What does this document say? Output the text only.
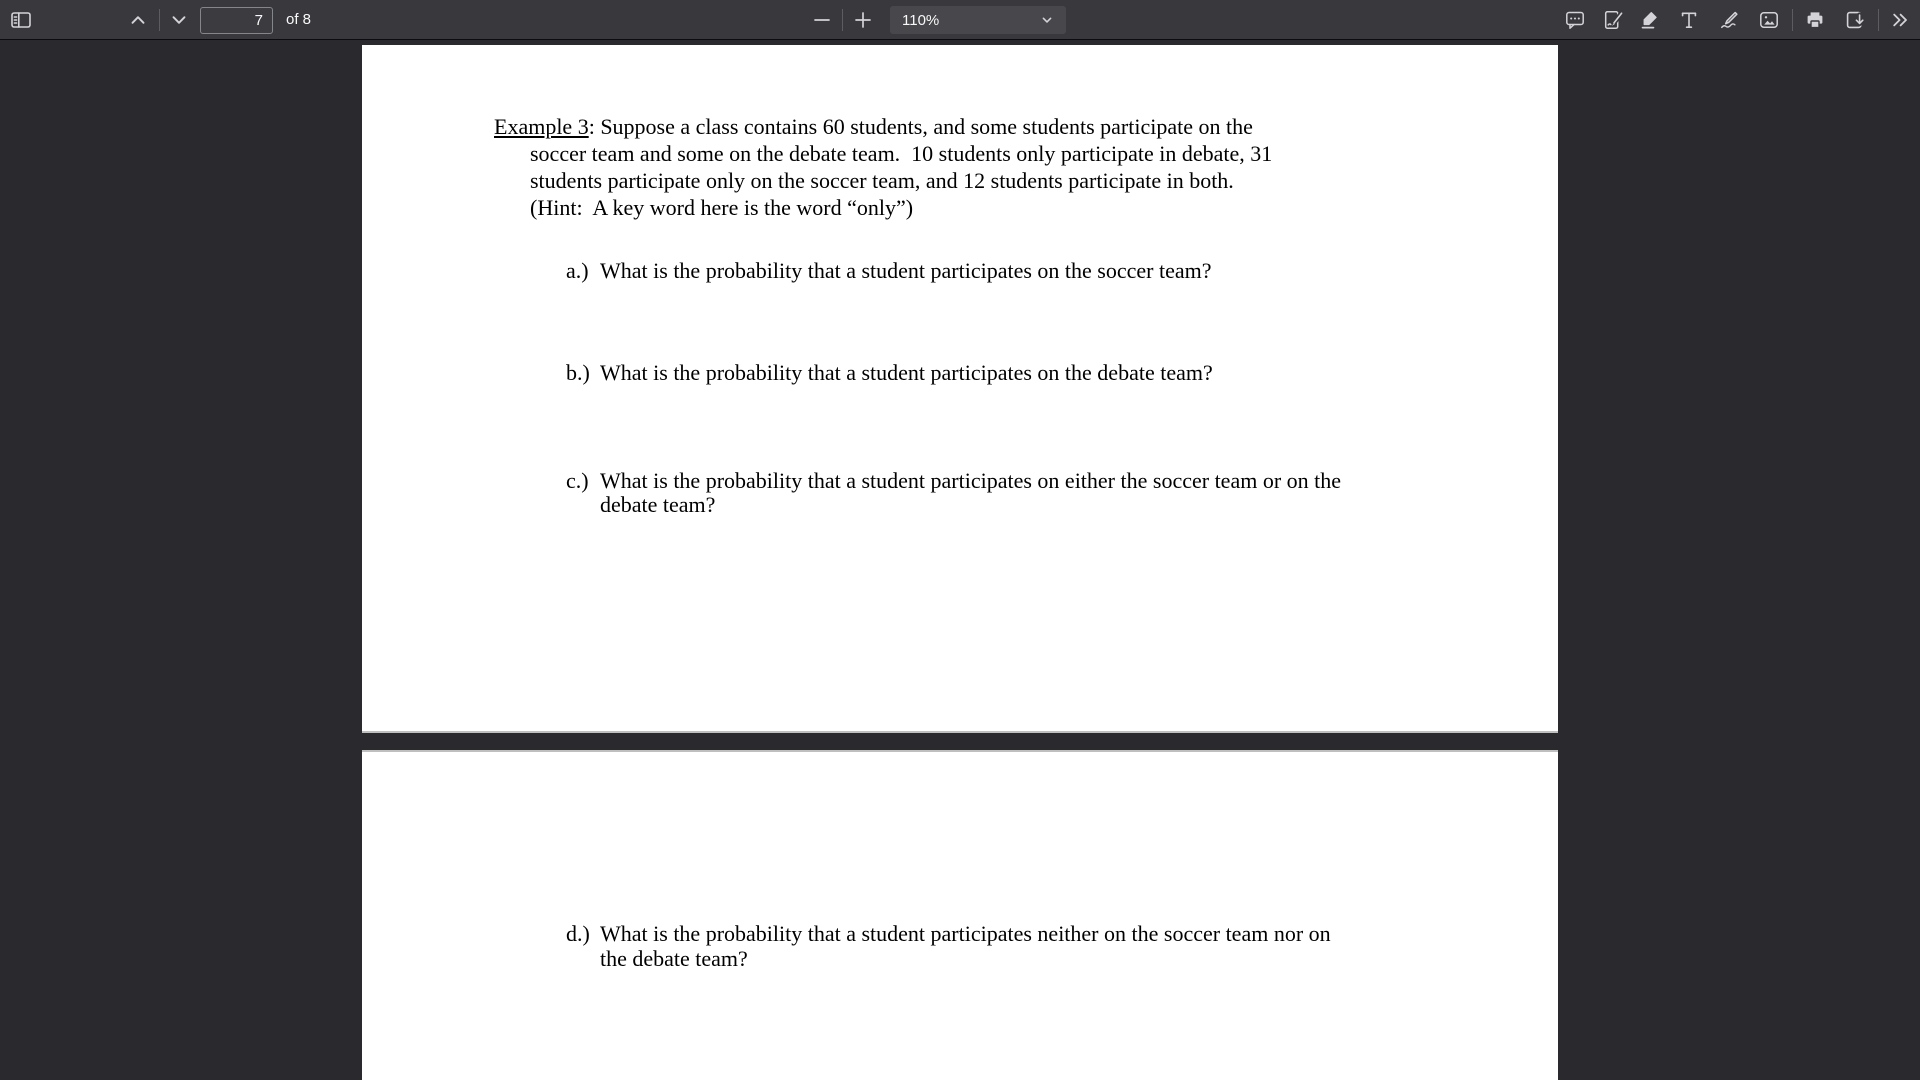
7
of 8	110%
Example 3: Suppose a class contains 60 students, and some students participate on the
soccer team and some on the debate team.  10 students only participate in debate, 31
students participate only on the soccer team, and 12 students participate in both.
(Hint:  A key word here is the word “only”)
a.) What is the probability that a student participates on the soccer team?
b.) What is the probability that a student participates on the debate team?
c.) What is the probability that a student participates on either the soccer team or on the
debate team?
d.) What is the probability that a student participates neither on the soccer team nor on
the debate team?
